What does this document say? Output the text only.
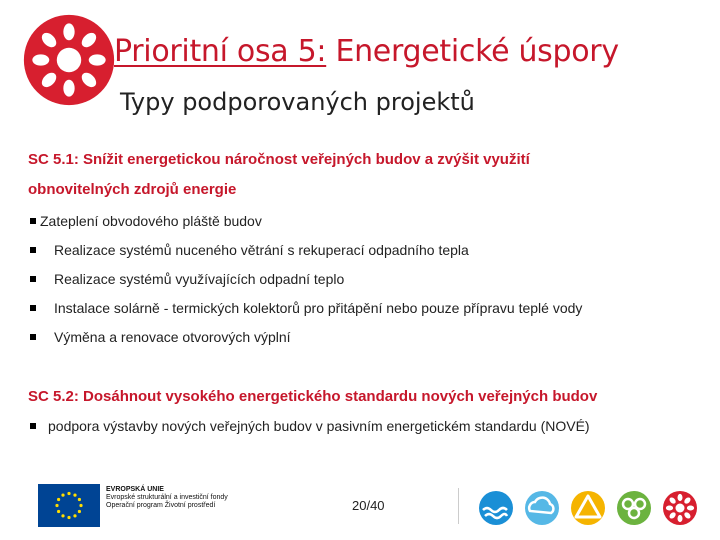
Prioritní osa 5: Energetické úspory
Typy podporovaných projektů
SC 5.1: Snížit energetickou náročnost veřejných budov a zvýšit využití
obnovitelných zdrojů energie
Zateplení obvodového pláště budov
Realizace systémů nuceného větrání s rekuperací odpadního tepla
Realizace systémů využívajících odpadní teplo
Instalace solárně - termických kolektorů pro přitápění nebo pouze přípravu teplé vody
Výměna a renovace otvorových výplní
SC 5.2: Dosáhnout vysokého energetického standardu nových veřejných budov
podpora výstavby nových veřejných budov v pasivním energetickém standardu (NOVÉ)
EVROPSKÁ UNIE
Evropské strukturální a investiční fondy
Operační program Životní prostředí	20/40
